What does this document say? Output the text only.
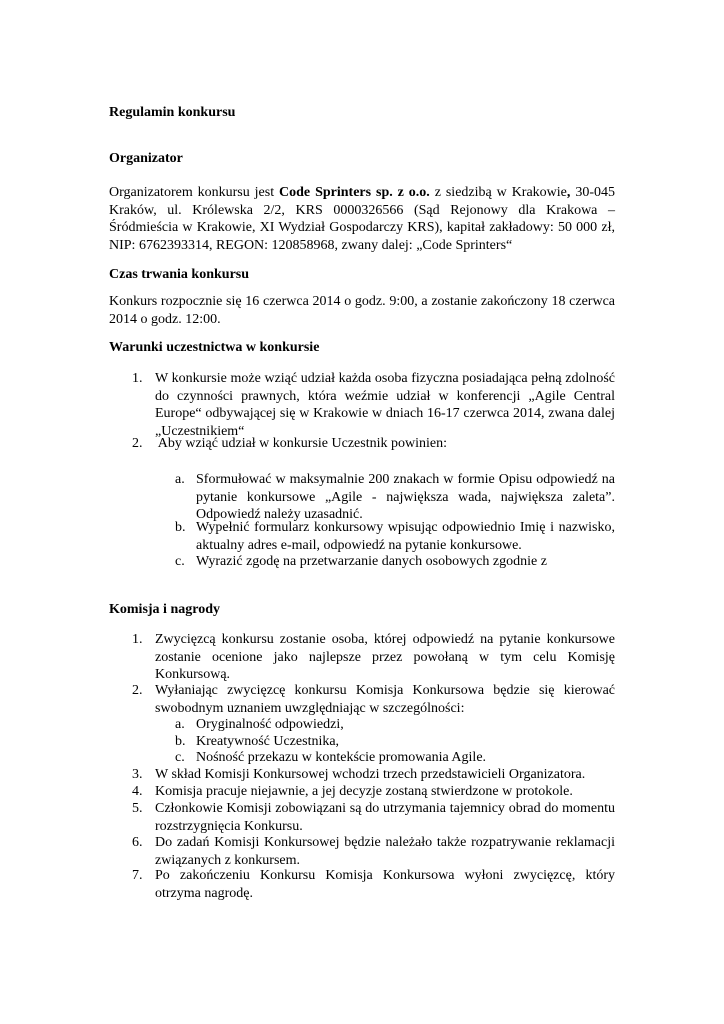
Regulamin konkursu
Organizator
Organizatorem konkursu jest Code Sprinters sp. z o.o. z siedzibą w Krakowie, 30-045 Kraków, ul. Królewska 2/2, KRS 0000326566 (Sąd Rejonowy dla Krakowa – Śródmieścia w Krakowie, XI Wydział Gospodarczy KRS), kapitał zakładowy: 50 000 zł, NIP: 6762393314, REGON: 120858968, zwany dalej: „Code Sprinters“
Czas trwania konkursu
Konkurs rozpocznie się 16 czerwca 2014 o godz. 9:00, a zostanie zakończony 18 czerwca 2014 o godz. 12:00.
Warunki uczestnictwa w konkursie
1. W konkursie może wziąć udział każda osoba fizyczna posiadająca pełną zdolność do czynności prawnych, która weźmie udział w konferencji „Agile Central Europe“ odbywającej się w Krakowie w dniach 16-17 czerwca 2014, zwana dalej „Uczestnikiem“
2. Aby wziąć udział w konkursie Uczestnik powinien:
a. Sformułować w maksymalnie 200 znakach w formie Opisu odpowiedź na pytanie konkursowe „Agile - największa wada, największa zaleta”. Odpowiedź należy uzasadnić.
b. Wypełnić formularz konkursowy wpisując odpowiednio Imię i nazwisko, aktualny adres e-mail, odpowiedź na pytanie konkursowe.
c. Wyrazić zgodę na przetwarzanie danych osobowych zgodnie z
Komisja i nagrody
1. Zwycięzcą konkursu zostanie osoba, której odpowiedź na pytanie konkursowe zostanie ocenione jako najlepsze przez powołaną w tym celu Komisję Konkursową.
2. Wyłaniając zwycięzcę konkursu Komisja Konkursowa będzie się kierować swobodnym uznaniem uwzględniając w szczególności:
a. Oryginalność odpowiedzi,
b. Kreatywność Uczestnika,
c. Nośność przekazu w kontekście promowania Agile.
3. W skład Komisji Konkursowej wchodzi trzech przedstawicieli Organizatora.
4. Komisja pracuje niejawnie, a jej decyzje zostaną stwierdzone w protokole.
5. Członkowie Komisji zobowiązani są do utrzymania tajemnicy obrad do momentu rozstrzygnięcia Konkursu.
6. Do zadań Komisji Konkursowej będzie należało także rozpatrywanie reklamacji związanych z konkursem.
7. Po zakończeniu Konkursu Komisja Konkursowa wyłoni zwycięzcę, który otrzyma nagrodę.
